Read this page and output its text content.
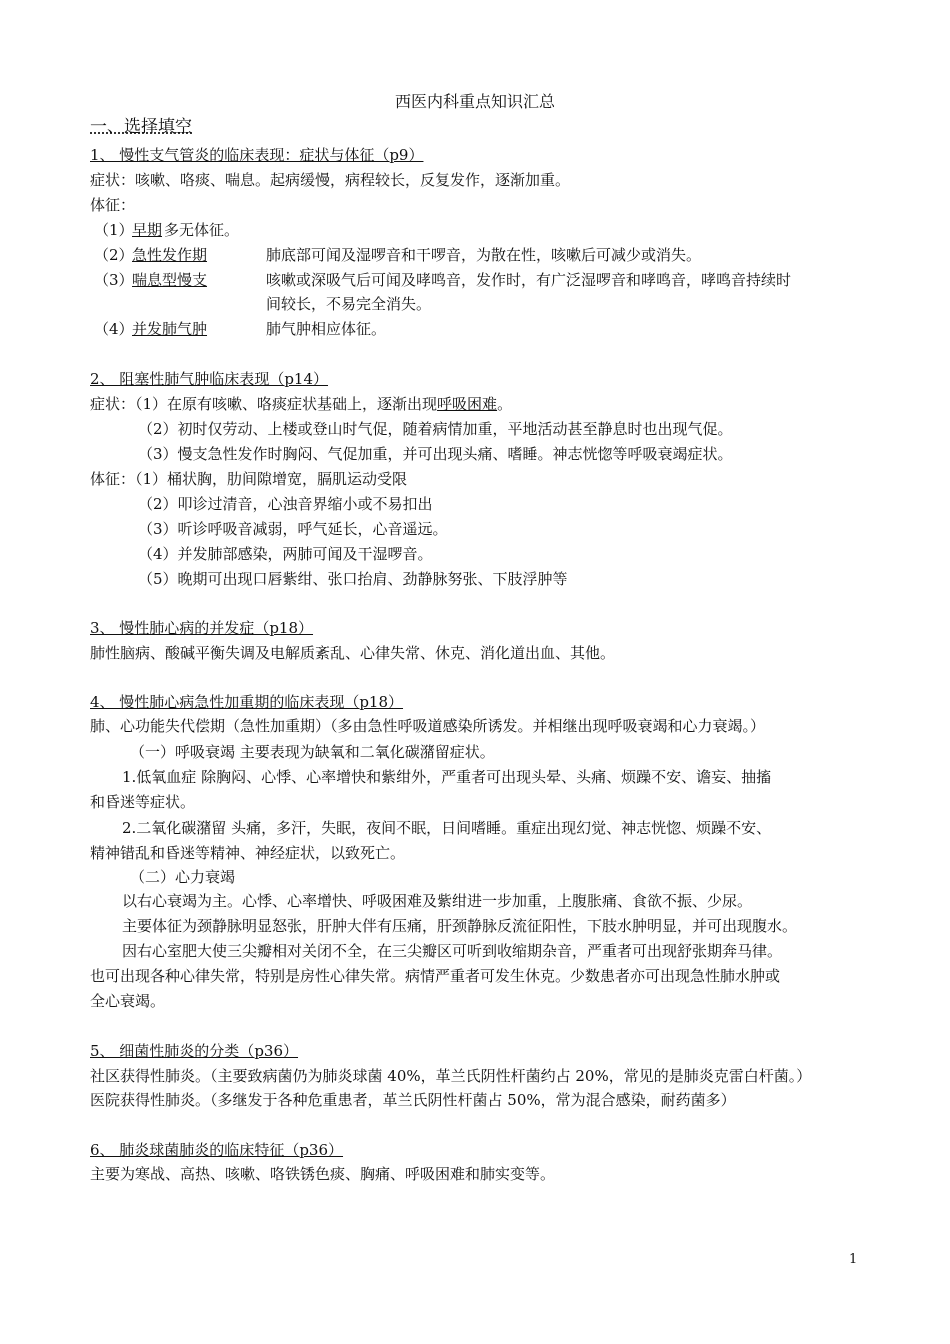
西医内科重点知识汇总
一、选择填空
1、 慢性支气管炎的临床表现：症状与体征（p9）
症状：咳嗽、咯痰、喘息。起病缓慢，病程较长，反复发作，逐渐加重。
体征：
（1）
早期 多无体征。
（2）
急性发作期	肺底部可闻及湿啰音和干啰音，为散在性，咳嗽后可减少或消失。
（3）
喘息型慢支	咳嗽或深吸气后可闻及哮鸣音，发作时，有广泛湿啰音和哮鸣音，哮鸣音持续时
间较长，不易完全消失。
（4）
并发肺气肿	肺气肿相应体征。
2、 阻塞性肺气肿临床表现（p14）
症状：（1）在原有咳嗽、咯痰症状基础上，逐渐出现呼吸困难。
（2）初时仅劳动、上楼或登山时气促，随着病情加重，平地活动甚至静息时也出现气促。
（3）慢支急性发作时胸闷、气促加重，并可出现头痛、嗜睡。神志恍惚等呼吸衰竭症状。
体征：（1）桶状胸，肋间隙增宽，膈肌运动受限
（2）叩诊过清音，心浊音界缩小或不易扣出
（3）听诊呼吸音减弱，呼气延长，心音遥远。
（4）并发肺部感染，两肺可闻及干湿啰音。
（5）晚期可出现口唇紫绀、张口抬肩、劲静脉努张、下肢浮肿等
3、 慢性肺心病的并发症（p18）
肺性脑病、酸碱平衡失调及电解质紊乱、心律失常、休克、消化道出血、其他。
4、 慢性肺心病急性加重期的临床表现（p18）
肺、心功能失代偿期（急性加重期）（多由急性呼吸道感染所诱发。并相继出现呼吸衰竭和心力衰竭。）
（一）呼吸衰竭 主要表现为缺氧和二氧化碳潴留症状。
1.低氧血症 除胸闷、心悸、心率增快和紫绀外，严重者可出现头晕、头痛、烦躁不安、谵妄、抽搐
和昏迷等症状。
2.二氧化碳潴留 头痛，多汗，失眠，夜间不眠，日间嗜睡。重症出现幻觉、神志恍惚、烦躁不安、
精神错乱和昏迷等精神、神经症状，以致死亡。
（二）心力衰竭
以右心衰竭为主。心悸、心率增快、呼吸困难及紫绀进一步加重，上腹胀痛、食欲不振、少尿。
主要体征为颈静脉明显怒张，肝肿大伴有压痛，肝颈静脉反流征阳性，下肢水肿明显，并可出现腹水。
因右心室肥大使三尖瓣相对关闭不全，在三尖瓣区可听到收缩期杂音，严重者可出现舒张期奔马律。
也可出现各种心律失常，特别是房性心律失常。病情严重者可发生休克。少数患者亦可出现急性肺水肿或
全心衰竭。
5、 细菌性肺炎的分类（p36）
社区获得性肺炎。（主要致病菌仍为肺炎球菌 40%，革兰氏阴性杆菌约占 20%，常见的是肺炎克雷白杆菌。）
医院获得性肺炎。（多继发于各种危重患者，革兰氏阴性杆菌占 50%，常为混合感染，耐药菌多）
6、 肺炎球菌肺炎的临床特征（p36）
主要为寒战、高热、咳嗽、咯铁锈色痰、胸痛、呼吸困难和肺实变等。
1
